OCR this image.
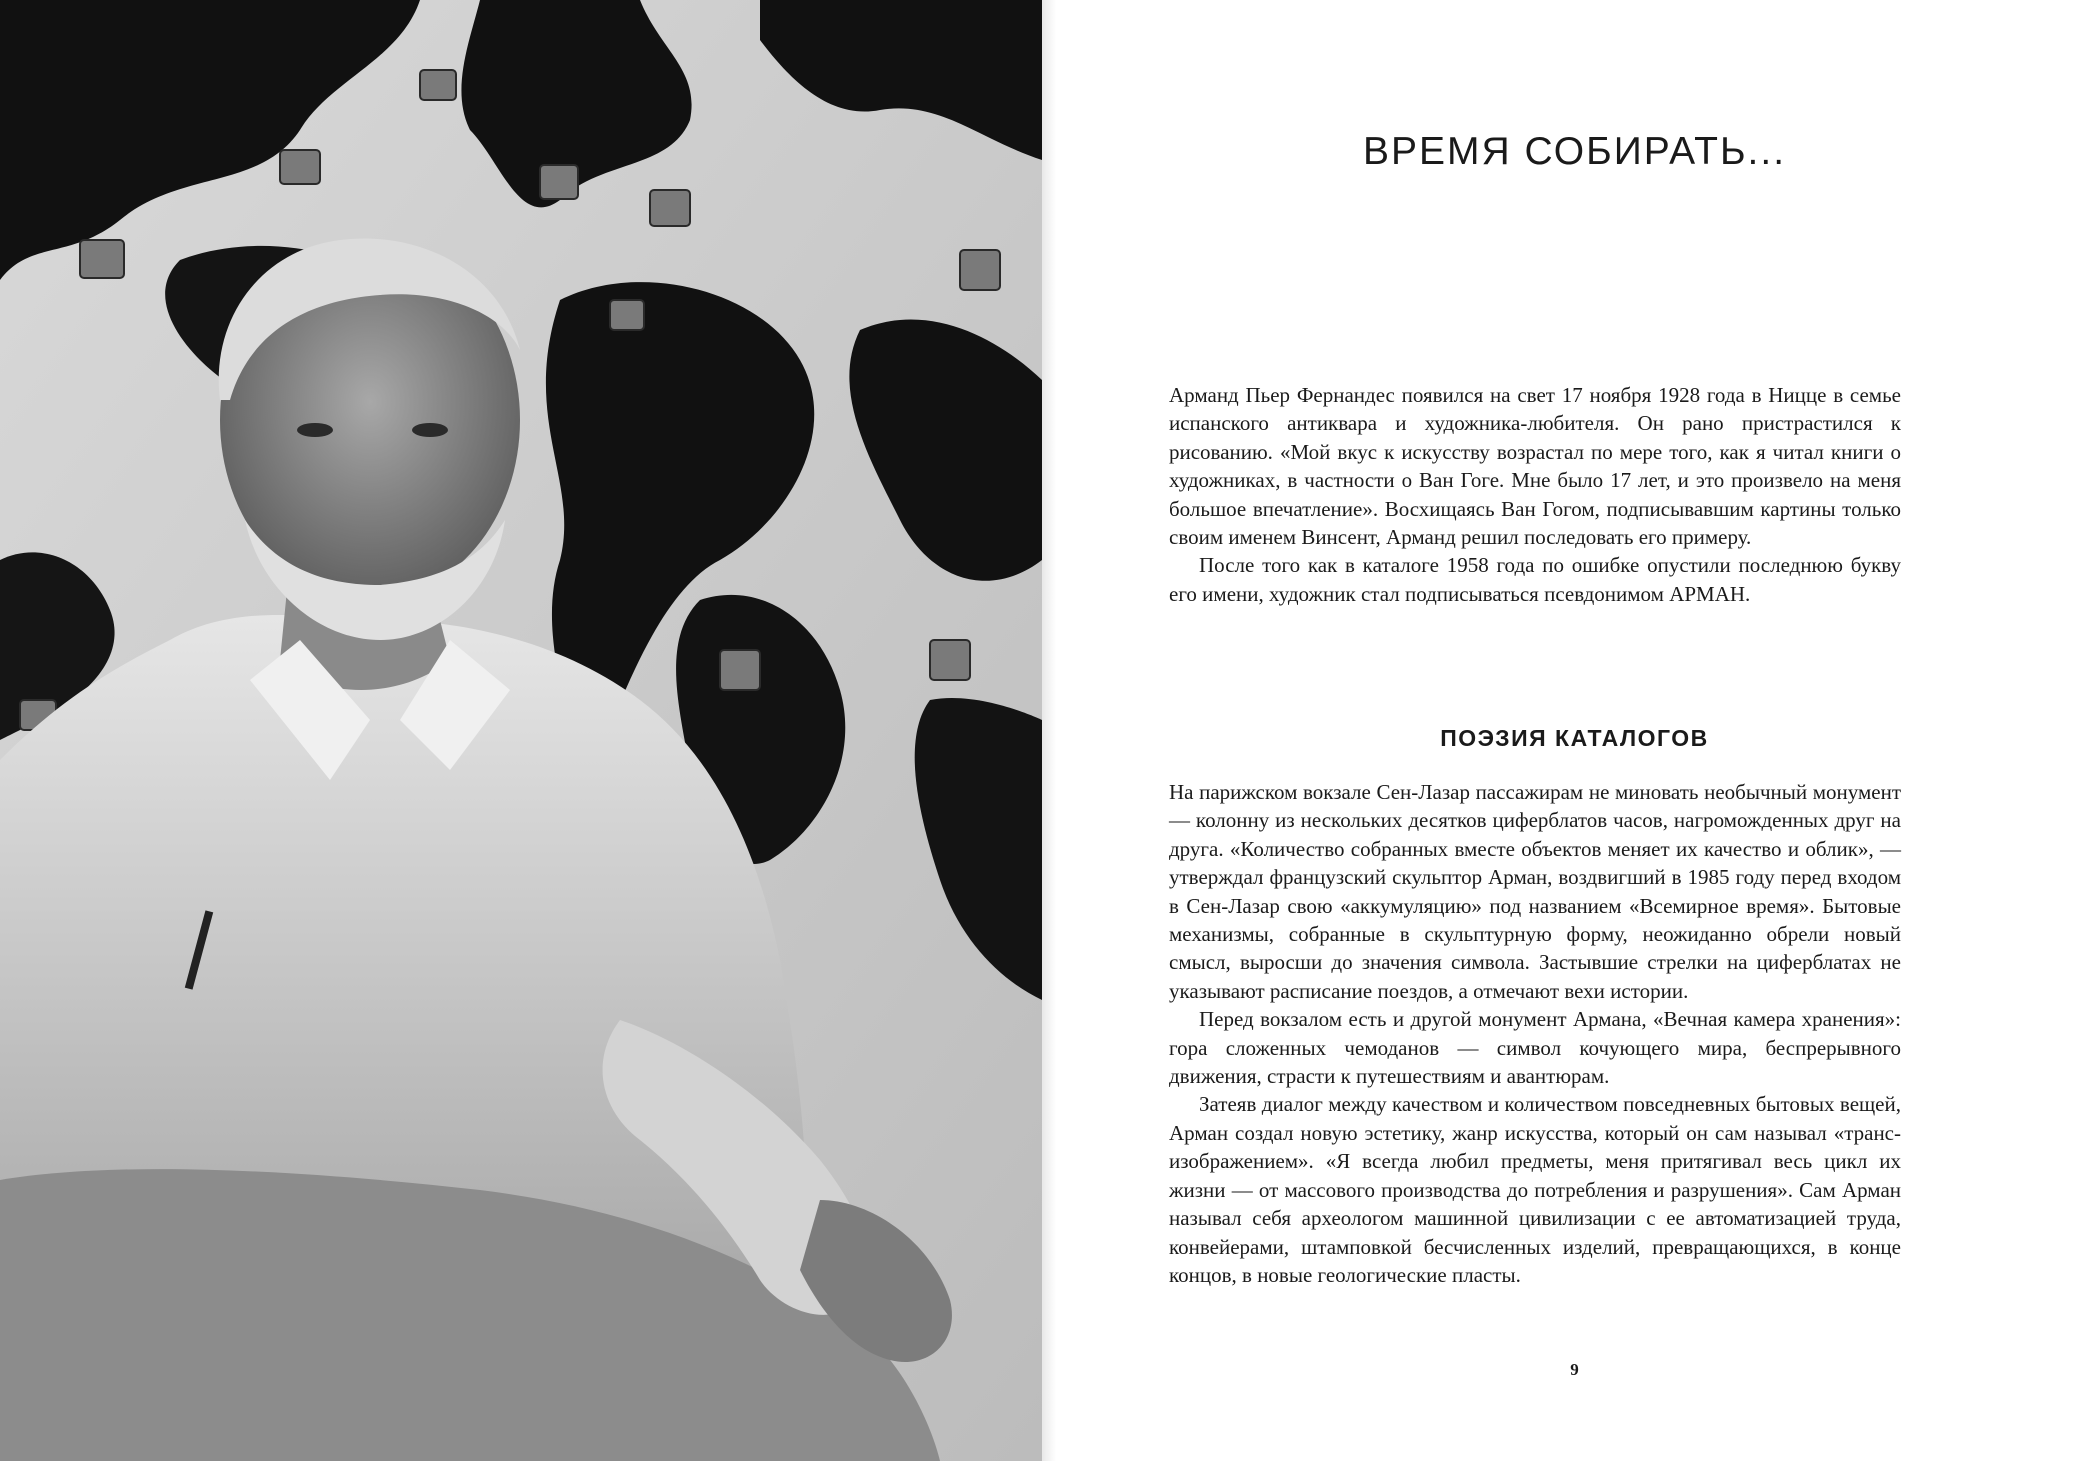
ВРЕМЯ СОБИРАТЬ...

Арманд Пьер Фернандес появился на свет 17 ноября 1928 года в Ницце в семье испанского антиквара и художника-любителя. Он рано пристрастился к рисованию. «Мой вкус к искусству возрастал по мере того, как я читал книги о художниках, в частности о Ван Гоге. Мне было 17 лет, и это произвело на меня большое впечатление». Восхищаясь Ван Гогом, подписывавшим картины только своим именем Винсент, Арманд решил последовать его примеру.

После того как в каталоге 1958 года по ошибке опустили последнюю букву его имени, художник стал подписываться псевдонимом АРМАН.

ПОЭЗИЯ КАТАЛОГОВ

На парижском вокзале Сен-Лазар пассажирам не миновать необычный монумент — колонну из нескольких десятков циферблатов часов, нагроможденных друг на друга. «Количество собранных вместе объектов меняет их качество и облик», — утверждал французский скульптор Арман, воздвигший в 1985 году перед входом в Сен-Лазар свою «аккумуляцию» под названием «Всемирное время». Бытовые механизмы, собранные в скульптурную форму, неожиданно обрели новый смысл, выросши до значения символа. Застывшие стрелки на циферблатах не указывают расписание поездов, а отмечают вехи истории.

Перед вокзалом есть и другой монумент Армана, «Вечная камера хранения»: гора сложенных чемоданов — символ кочующего мира, беспрерывного движения, страсти к путешествиям и авантюрам.

Затеяв диалог между качеством и количеством повседневных бытовых вещей, Арман создал новую эстетику, жанр искусства, который он сам называл «транс-изображением». «Я всегда любил предметы, меня притягивал весь цикл их жизни — от массового производства до потребления и разрушения». Сам Арман называл себя археологом машинной цивилизации с ее автоматизацией труда, конвейерами, штамповкой бесчисленных изделий, превращающихся, в конце концов, в новые геологические пласты.

9
